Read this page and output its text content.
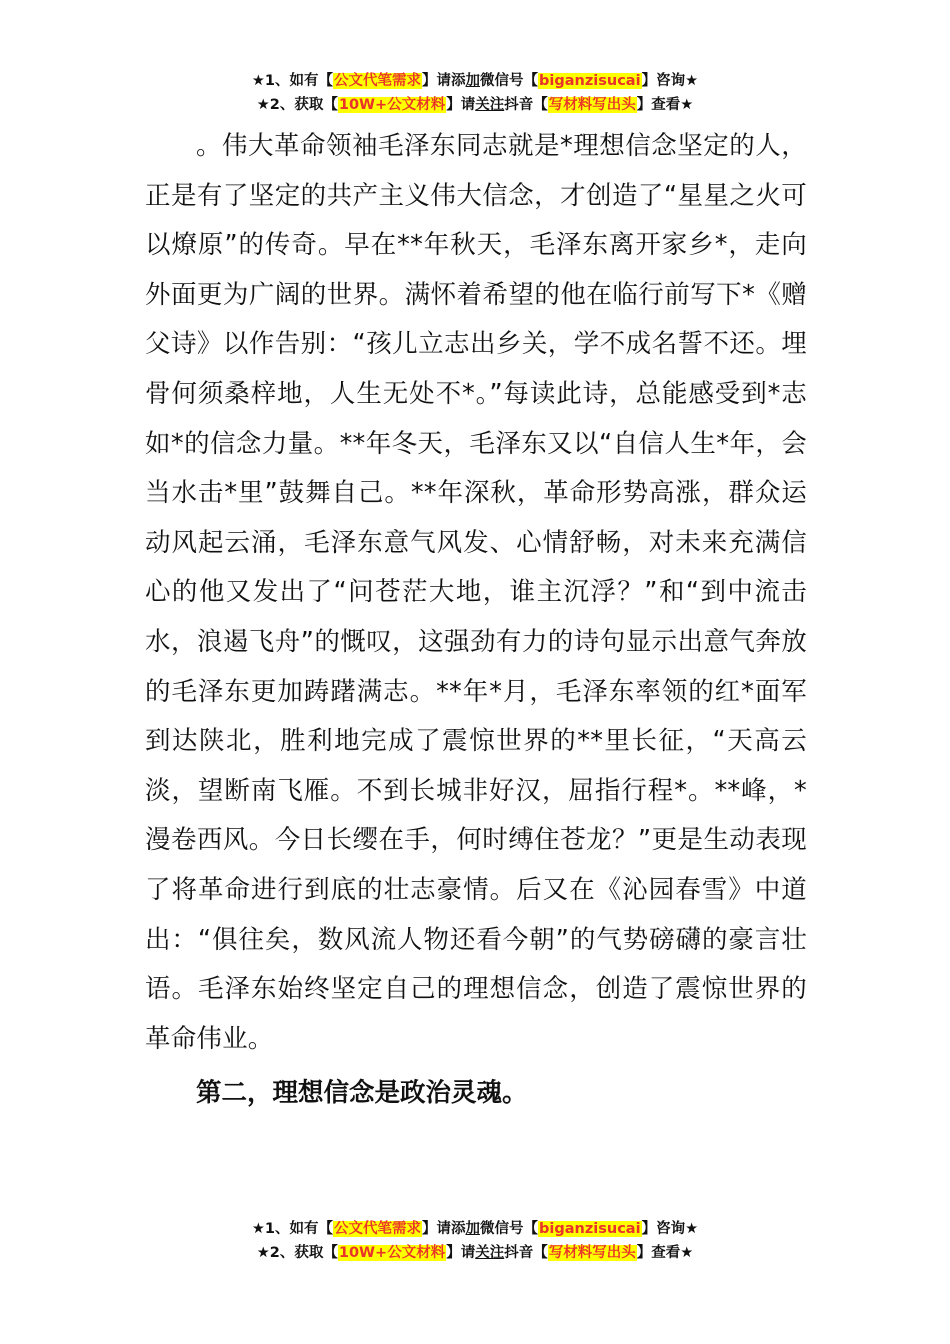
★1、如有【公文代笔需求】请添加微信号【biganzisucai】咨询★
★2、获取【10W+公文材料】请关注抖音【写材料写出头】查看★

。伟大革命领袖毛泽东同志就是*理想信念坚定的人，正是有了坚定的共产主义伟大信念，才创造了“星星之火可以燎原”的传奇。早在**年秋天，毛泽东离开家乡*，走向外面更为广阔的世界。满怀着希望的他在临行前写下*《赠父诗》以作告别：“孩儿立志出乡关，学不成名誓不还。埋骨何须桑梓地，人生无处不*。”每读此诗，总能感受到*志如*的信念力量。**年冬天，毛泽东又以“自信人生*年，会当水击*里”鼓舞自己。**年深秋，革命形势高涨，群众运动风起云涌，毛泽东意气风发、心情舒畅，对未来充满信心的他又发出了“问苍茫大地，谁主沉浮？”和“到中流击水，浪遏飞舟”的慨叹，这强劲有力的诗句显示出意气奔放的毛泽东更加踌躇满志。**年*月，毛泽东率领的红*面军到达陕北，胜利地完成了震惊世界的**里长征，“天高云淡，望断南飞雁。不到长城非好汉，屈指行程*。**峰，*漫卷西风。今日长缨在手，何时缚住苍龙？”更是生动表现了将革命进行到底的壮志豪情。后又在《沁园春雪》中道出：“俱往矣，数风流人物还看今朝”的气势磅礴的豪言壮语。毛泽东始终坚定自己的理想信念，创造了震惊世界的革命伟业。

第二，理想信念是政治灵魂。

★1、如有【公文代笔需求】请添加微信号【biganzisucai】咨询★
★2、获取【10W+公文材料】请关注抖音【写材料写出头】查看★
